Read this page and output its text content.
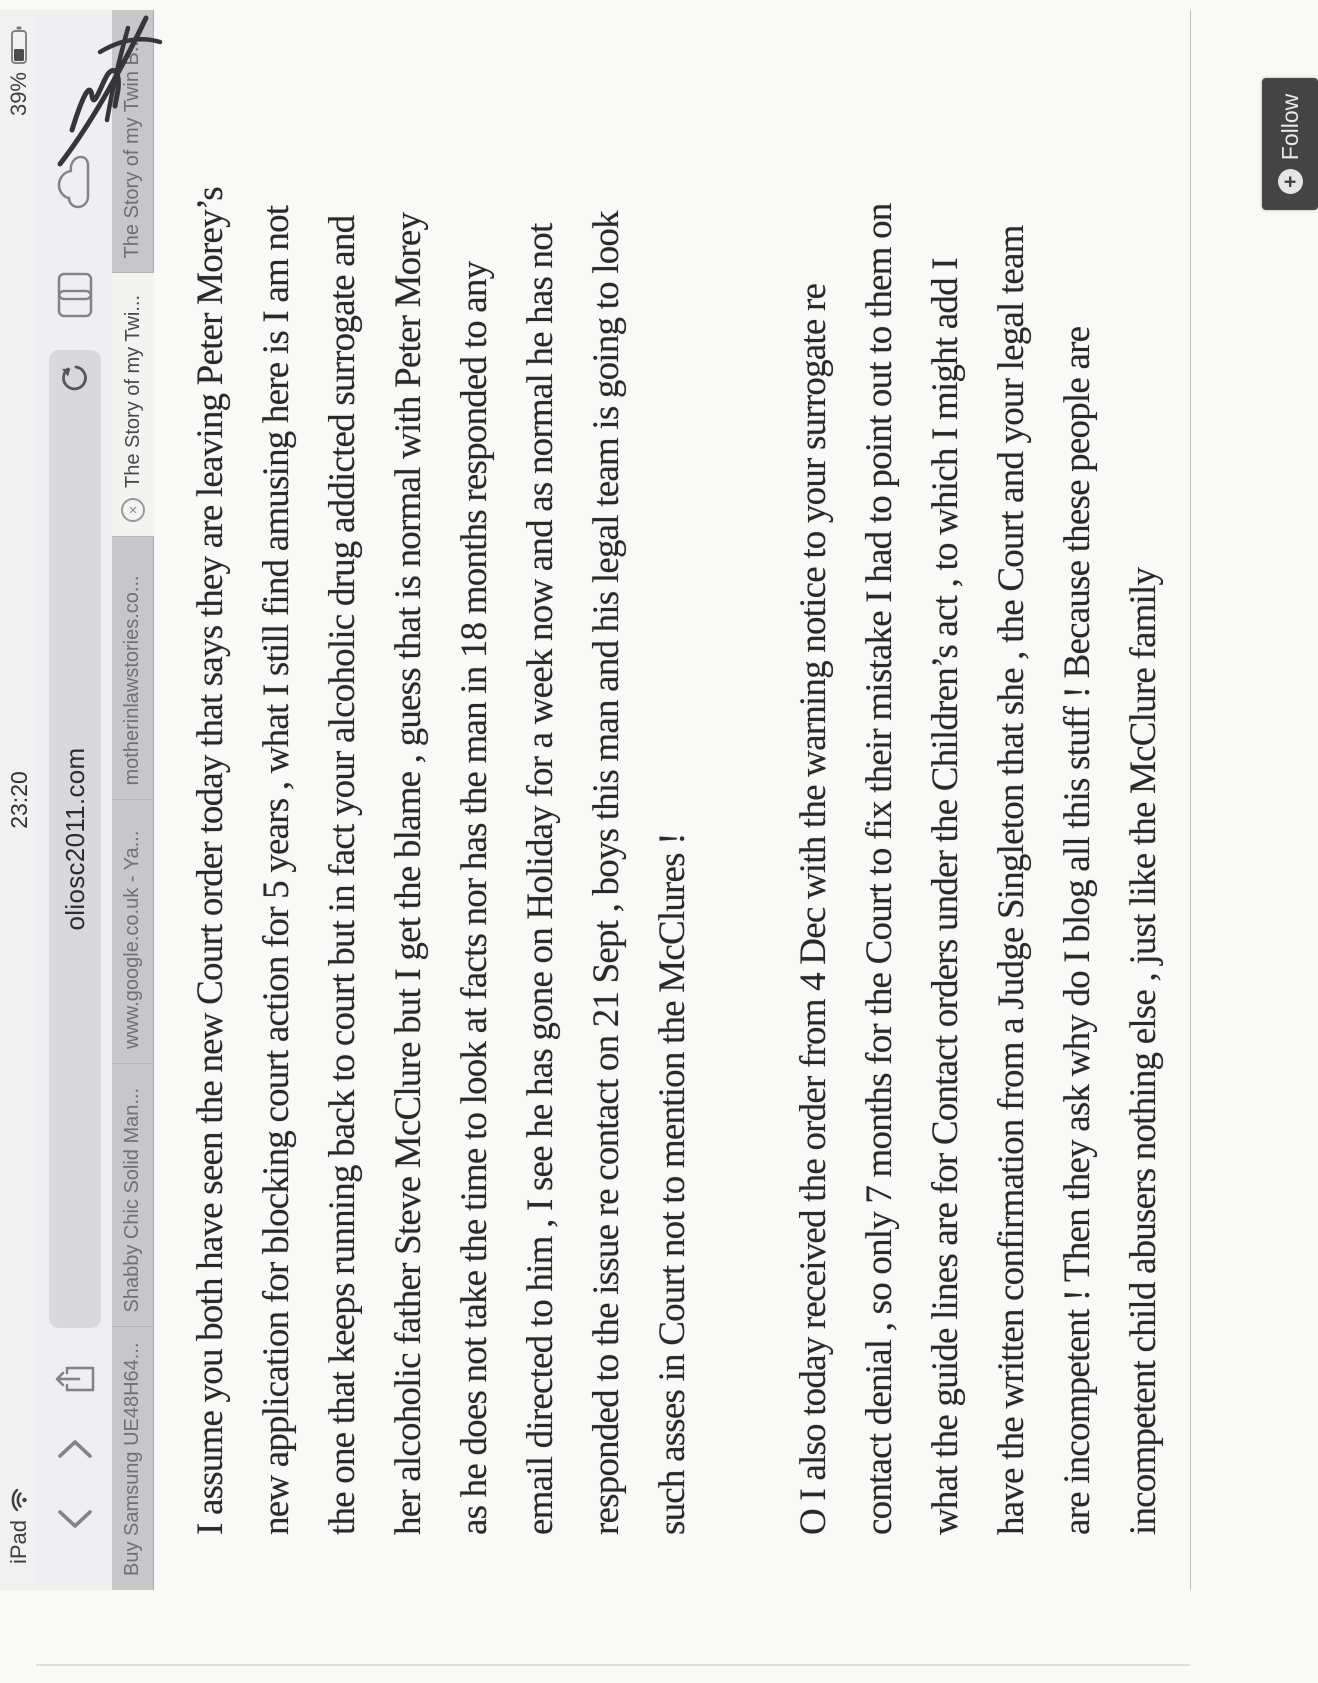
iPad
23:20
39%
oliosc2011.com
Buy Samsung UE48H64...
Shabby Chic Solid Man...
www.google.co.uk - Ya...
motherinlawstories.co...
×
The Story of my Twi...
The Story of my Twin B...
I assume you both have seen the new Court order today that says they are leaving Peter Morey’s new application for blocking court action for 5 years , what I still find amusing here is I am not the one that keeps running back to court but in fact your alcoholic drug addicted surrogate and her alcoholic father Steve McClure but I get the blame , guess that is normal with Peter Morey as he does not take the time to look at facts nor has the man in 18 months responded to any email directed to him , I see he has gone on Holiday for a week now and as normal he has not responded to the issue re contact on 21 Sept , boys this man and his legal team is going to look such asses in Court not to mention the McClures !	O I also today received the order from 4 Dec with the warning notice to your surrogate re contact denial , so only 7 months for the Court to fix their mistake I had to point out to them on what the guide lines are for Contact orders under the Children’s act , to which I might add I have the written confirmation from a Judge Singleton that she , the Court and your legal team are incompetent ! Then they ask why do I blog all this stuff ! Because these people are incompetent child abusers nothing else , just like the McClure family
+
Follow
